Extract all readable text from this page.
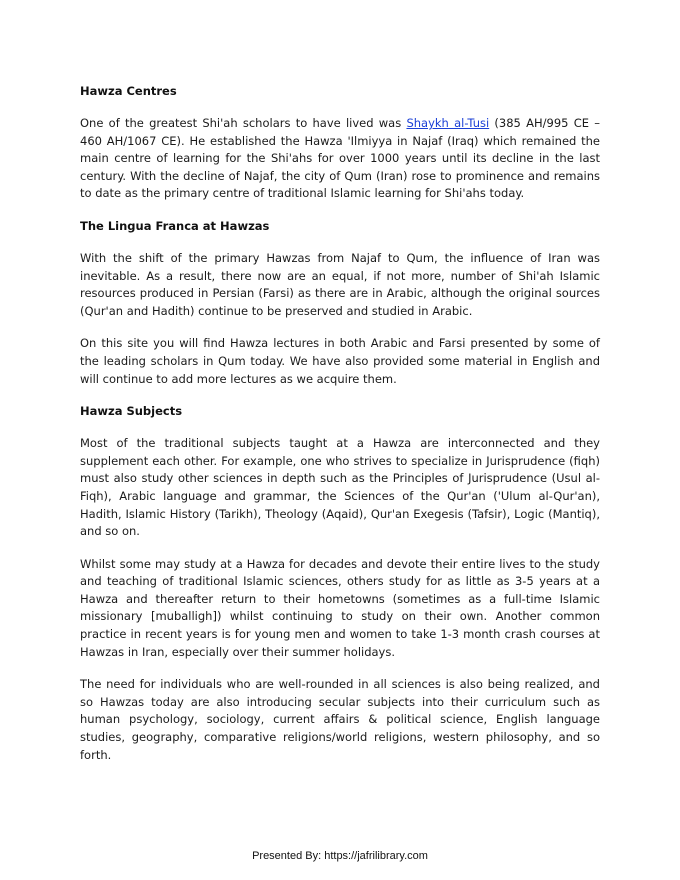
Hawza Centres

One of the greatest Shi'ah scholars to have lived was Shaykh al-Tusi (385 AH/995 CE – 460 AH/1067 CE). He established the Hawza 'Ilmiyya in Najaf (Iraq) which remained the main centre of learning for the Shi'ahs for over 1000 years until its decline in the last century. With the decline of Najaf, the city of Qum (Iran) rose to prominence and remains to date as the primary centre of traditional Islamic learning for Shi'ahs today.

The Lingua Franca at Hawzas

With the shift of the primary Hawzas from Najaf to Qum, the influence of Iran was inevitable. As a result, there now are an equal, if not more, number of Shi'ah Islamic resources produced in Persian (Farsi) as there are in Arabic, although the original sources (Qur'an and Hadith) continue to be preserved and studied in Arabic.

On this site you will find Hawza lectures in both Arabic and Farsi presented by some of the leading scholars in Qum today. We have also provided some material in English and will continue to add more lectures as we acquire them.

Hawza Subjects

Most of the traditional subjects taught at a Hawza are interconnected and they supplement each other. For example, one who strives to specialize in Jurisprudence (fiqh) must also study other sciences in depth such as the Principles of Jurisprudence (Usul al-Fiqh), Arabic language and grammar, the Sciences of the Qur'an ('Ulum al-Qur'an), Hadith, Islamic History (Tarikh), Theology (Aqaid), Qur'an Exegesis (Tafsir), Logic (Mantiq), and so on.

Whilst some may study at a Hawza for decades and devote their entire lives to the study and teaching of traditional Islamic sciences, others study for as little as 3-5 years at a Hawza and thereafter return to their hometowns (sometimes as a full-time Islamic missionary [muballigh]) whilst continuing to study on their own. Another common practice in recent years is for young men and women to take 1-3 month crash courses at Hawzas in Iran, especially over their summer holidays.

The need for individuals who are well-rounded in all sciences is also being realized, and so Hawzas today are also introducing secular subjects into their curriculum such as human psychology, sociology, current affairs & political science, English language studies, geography, comparative religions/world religions, western philosophy, and so forth.

Presented By: https://jafrilibrary.com
